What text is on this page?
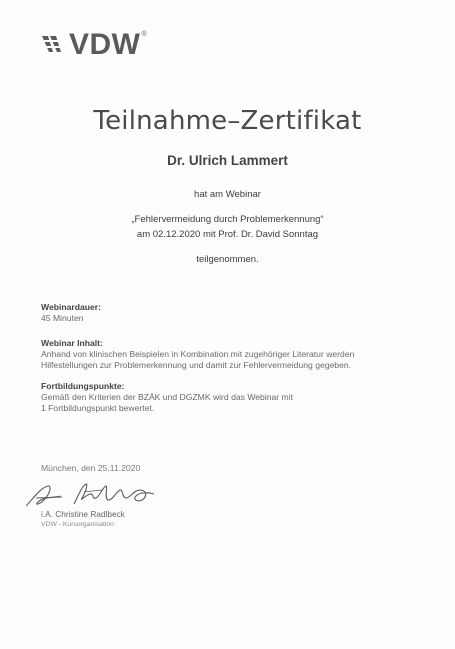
VDW ®
Teilnahme–Zertifikat
Dr. Ulrich Lammert
hat am Webinar
„Fehlervermeidung durch Problemerkennung“
am 02.12.2020 mit Prof. Dr. David Sonntag
teilgenommen.
Webinardauer:
45 Minuten
Webinar Inhalt:
Anhand von klinischen Beispielen in Kombination mit zugehöriger Literatur werden
Hilfestellungen zur Problemerkennung und damit zur Fehlervermeidung gegeben.
Fortbildungspunkte:
Gemäß den Kriterien der BZÄK und DGZMK wird das Webinar mit
1 Fortbildungspunkt bewertet.
München, den 25.11.2020
i.A. Christine Radlbeck
VDW - Kursorganisation
